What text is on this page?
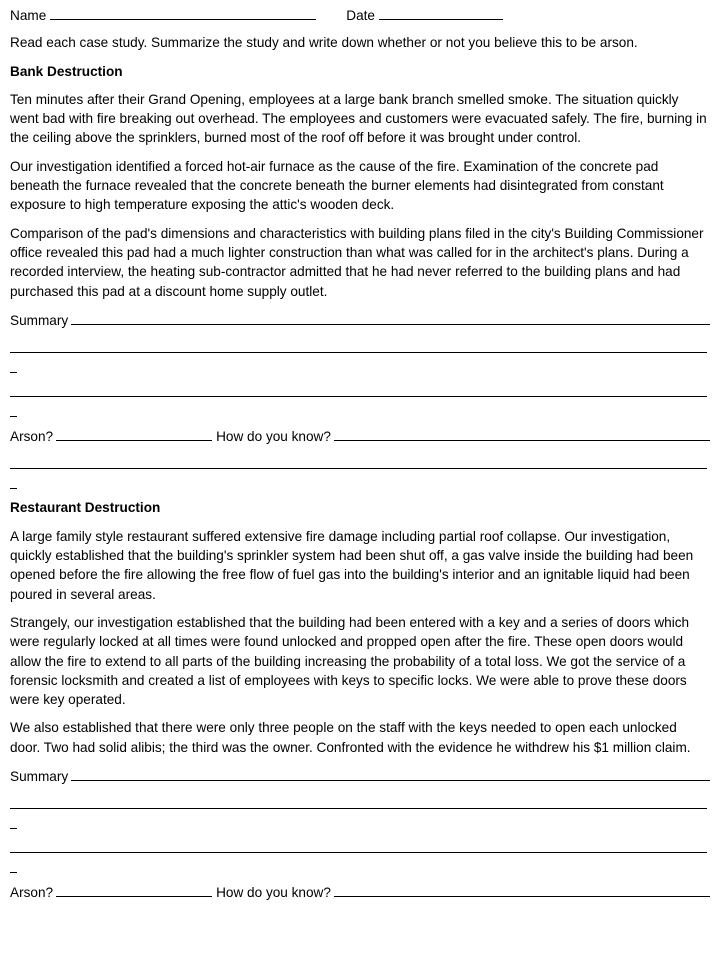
Name	Date

Read each case study. Summarize the study and write down whether or not you believe this to be arson.

Bank Destruction

Ten minutes after their Grand Opening, employees at a large bank branch smelled smoke. The situation quickly went bad with fire breaking out overhead. The employees and customers were evacuated safely. The fire, burning in the ceiling above the sprinklers, burned most of the roof off before it was brought under control.

Our investigation identified a forced hot-air furnace as the cause of the fire. Examination of the concrete pad beneath the furnace revealed that the concrete beneath the burner elements had disintegrated from constant exposure to high temperature exposing the attic's wooden deck.

Comparison of the pad's dimensions and characteristics with building plans filed in the city's Building Commissioner office revealed this pad had a much lighter construction than what was called for in the architect's plans. During a recorded interview, the heating sub-contractor admitted that he had never referred to the building plans and had purchased this pad at a discount home supply outlet.

Summary
Arson?	How do you know?
Restaurant Destruction

A large family style restaurant suffered extensive fire damage including partial roof collapse. Our investigation, quickly established that the building's sprinkler system had been shut off, a gas valve inside the building had been opened before the fire allowing the free flow of fuel gas into the building's interior and an ignitable liquid had been poured in several areas.

Strangely, our investigation established that the building had been entered with a key and a series of doors which were regularly locked at all times were found unlocked and propped open after the fire. These open doors would allow the fire to extend to all parts of the building increasing the probability of a total loss. We got the service of a forensic locksmith and created a list of employees with keys to specific locks. We were able to prove these doors were key operated.

We also established that there were only three people on the staff with the keys needed to open each unlocked door. Two had solid alibis; the third was the owner. Confronted with the evidence he withdrew his $1 million claim.

Summary
Arson?	How do you know?
